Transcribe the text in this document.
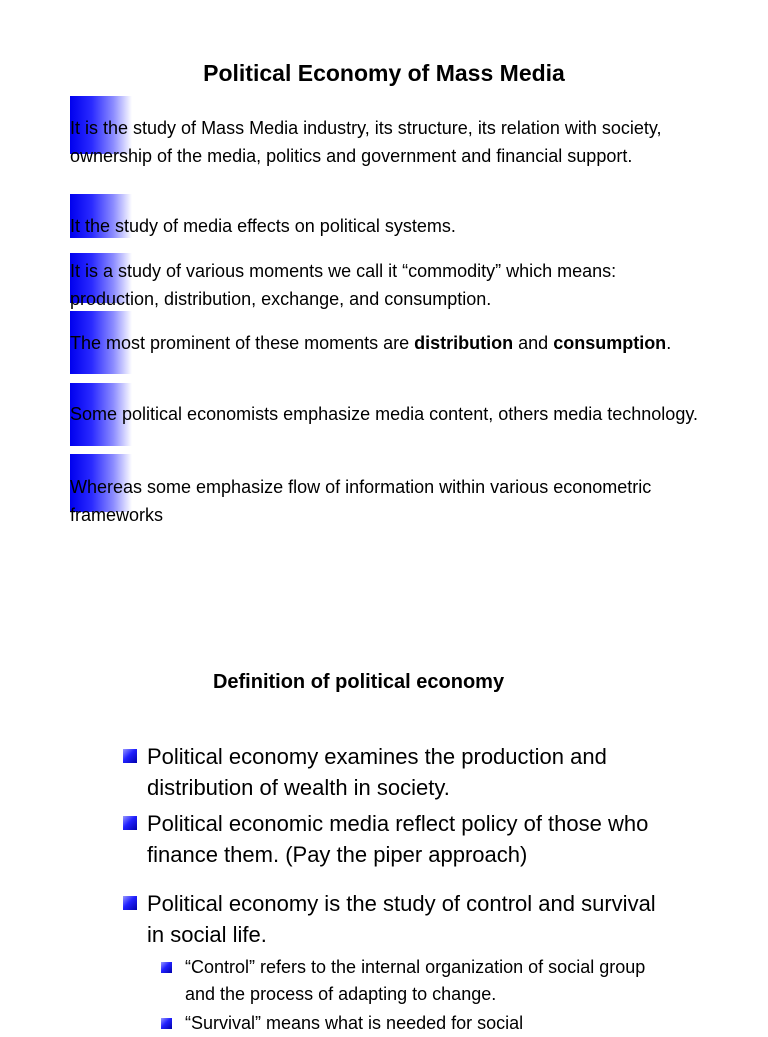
Political Economy of Mass Media

It is the study of Mass Media industry, its structure, its relation with society, ownership of the media, politics and government and financial support.

It the study of media effects on political systems.

It is a study of various moments we call it “commodity” which means: production, distribution, exchange, and consumption.

The most prominent of these moments are distribution and consumption.

Some political economists emphasize media content, others media technology.

Whereas some emphasize flow of information within various econometric frameworks

Definition of political economy
Political economy examines the production and distribution of wealth in society.
Political economic media reflect policy of those who finance them. (Pay the piper approach)
Political economy is the study of control and survival in social life.
“Control” refers to the internal organization of social group and the process of adapting to change.
“Survival” means what is needed for social
